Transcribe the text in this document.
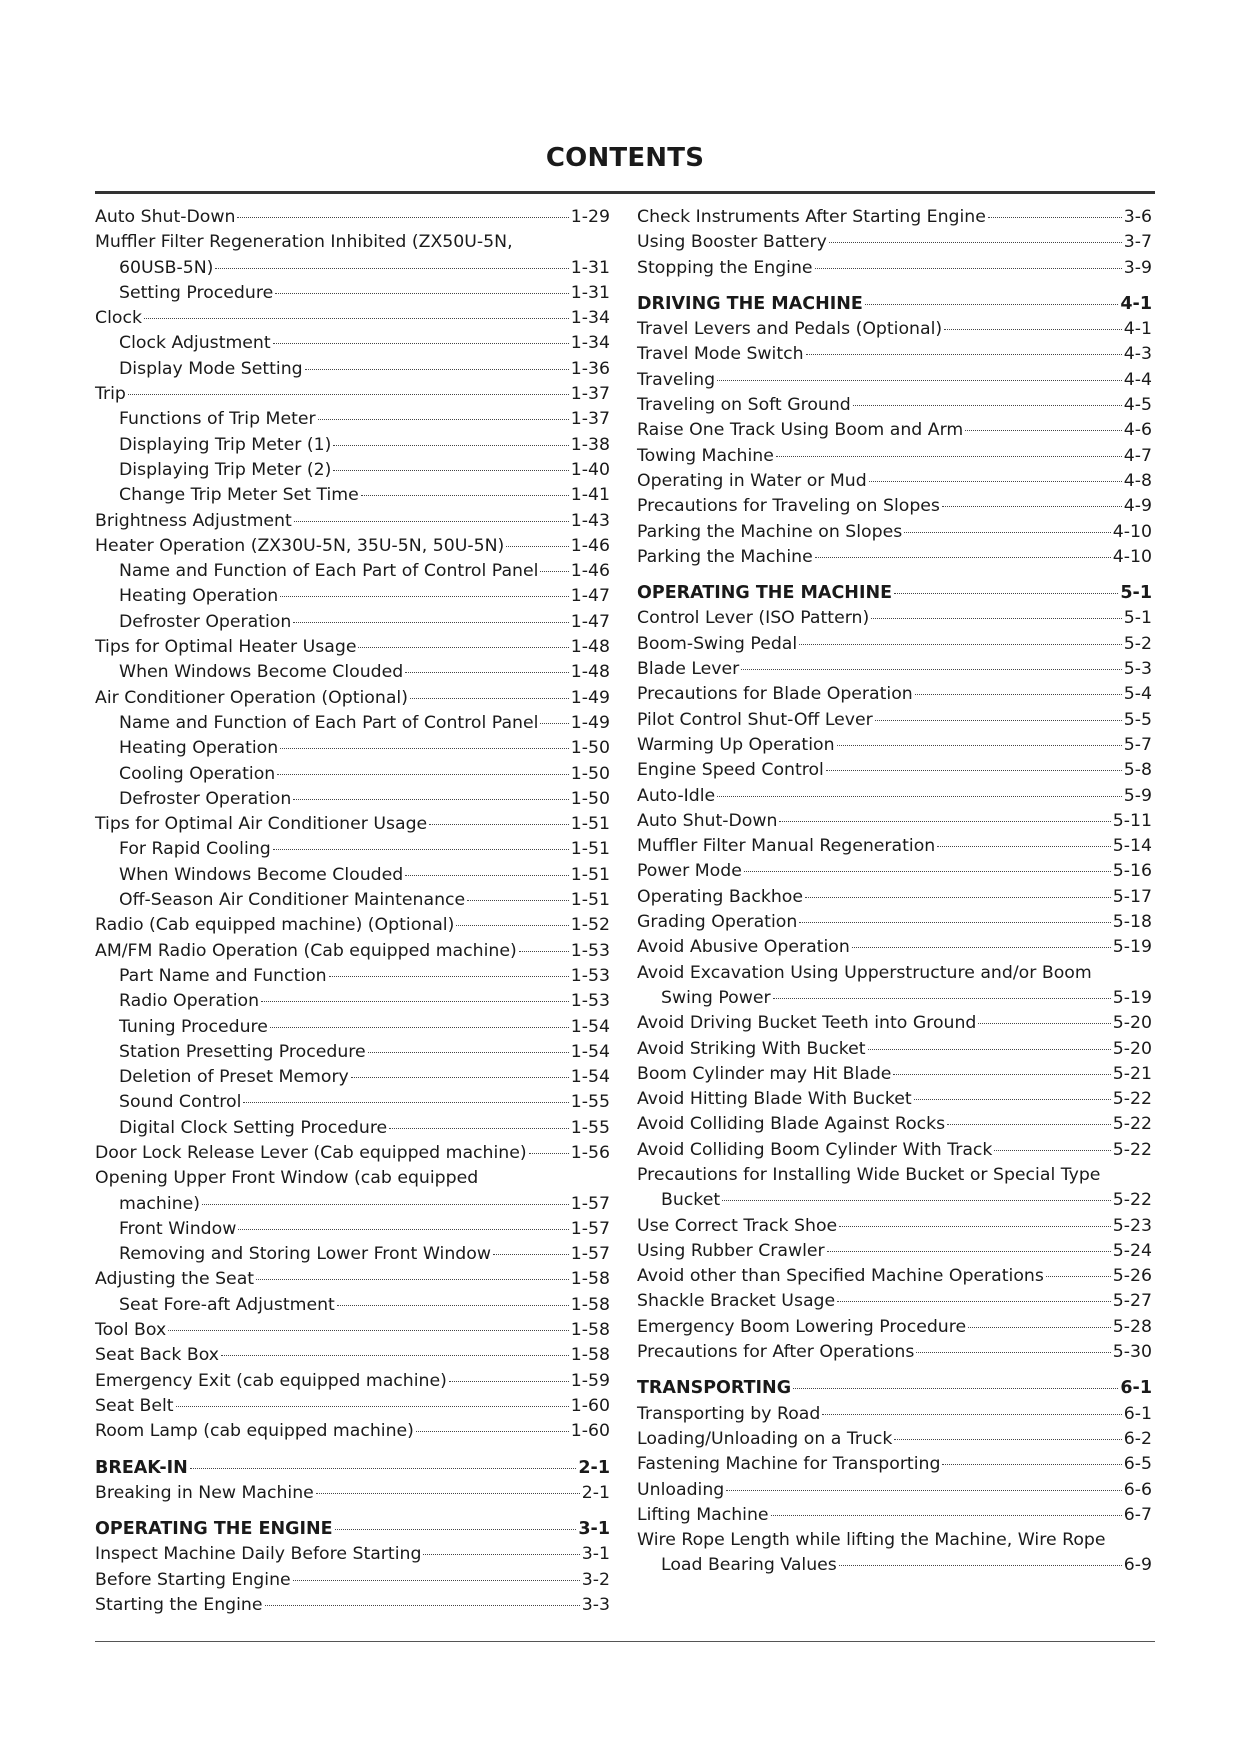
CONTENTS
Auto Shut-Down	1-29
Muffler Filter Regeneration Inhibited (ZX50U-5N,
60USB-5N)	1-31
Setting Procedure	1-31
Clock	1-34
Clock Adjustment	1-34
Display Mode Setting	1-36
Trip	1-37
Functions of Trip Meter	1-37
Displaying Trip Meter (1)	1-38
Displaying Trip Meter (2)	1-40
Change Trip Meter Set Time	1-41
Brightness Adjustment	1-43
Heater Operation (ZX30U-5N, 35U-5N, 50U-5N)	1-46
Name and Function of Each Part of Control Panel 1-46
Heating Operation	1-47
Defroster Operation	1-47
Tips for Optimal Heater Usage	1-48
When Windows Become Clouded	1-48
Air Conditioner Operation (Optional)	1-49
Name and Function of Each Part of Control Panel 1-49
Heating Operation	1-50
Cooling Operation	1-50
Defroster Operation	1-50
Tips for Optimal Air Conditioner Usage	1-51
For Rapid Cooling	1-51
When Windows Become Clouded	1-51
Off-Season Air Conditioner Maintenance	1-51
Radio (Cab equipped machine) (Optional)	1-52
AM/FM Radio Operation (Cab equipped machine)	1-53
Part Name and Function	1-53
Radio Operation	1-53
Tuning Procedure	1-54
Station Presetting Procedure	1-54
Deletion of Preset Memory	1-54
Sound Control	1-55
Digital Clock Setting Procedure	1-55
Door Lock Release Lever (Cab equipped machine)	1-56
Opening Upper Front Window (cab equipped
machine)	1-57
Front Window	1-57
Removing and Storing Lower Front Window	1-57
Adjusting the Seat	1-58
Seat Fore-aft Adjustment	1-58
Tool Box	1-58
Seat Back Box	1-58
Emergency Exit (cab equipped machine)	1-59
Seat Belt	1-60
Room Lamp (cab equipped machine)	1-60
BREAK-IN	2-1
Breaking in New Machine	2-1
OPERATING THE ENGINE	3-1
Inspect Machine Daily Before Starting	3-1
Before Starting Engine	3-2
Starting the Engine	3-3
Check Instruments After Starting Engine	3-6
Using Booster Battery	3-7
Stopping the Engine	3-9
DRIVING THE MACHINE	4-1
Travel Levers and Pedals (Optional)	4-1
Travel Mode Switch	4-3
Traveling	4-4
Traveling on Soft Ground	4-5
Raise One Track Using Boom and Arm	4-6
Towing Machine	4-7
Operating in Water or Mud	4-8
Precautions for Traveling on Slopes	4-9
Parking the Machine on Slopes	4-10
Parking the Machine	4-10
OPERATING THE MACHINE	5-1
Control Lever (ISO Pattern)	5-1
Boom-Swing Pedal	5-2
Blade Lever	5-3
Precautions for Blade Operation	5-4
Pilot Control Shut-Off Lever	5-5
Warming Up Operation	5-7
Engine Speed Control	5-8
Auto-Idle	5-9
Auto Shut-Down	5-11
Muffler Filter Manual Regeneration	5-14
Power Mode	5-16
Operating Backhoe	5-17
Grading Operation	5-18
Avoid Abusive Operation	5-19
Avoid Excavation Using Upperstructure and/or Boom
Swing Power	5-19
Avoid Driving Bucket Teeth into Ground	5-20
Avoid Striking With Bucket	5-20
Boom Cylinder may Hit Blade	5-21
Avoid Hitting Blade With Bucket	5-22
Avoid Colliding Blade Against Rocks	5-22
Avoid Colliding Boom Cylinder With Track	5-22
Precautions for Installing Wide Bucket or Special Type
Bucket	5-22
Use Correct Track Shoe	5-23
Using Rubber Crawler	5-24
Avoid other than Specified Machine Operations	5-26
Shackle Bracket Usage	5-27
Emergency Boom Lowering Procedure	5-28
Precautions for After Operations	5-30
TRANSPORTING	6-1
Transporting by Road	6-1
Loading/Unloading on a Truck	6-2
Fastening Machine for Transporting	6-5
Unloading	6-6
Lifting Machine	6-7
Wire Rope Length while lifting the Machine, Wire Rope
Load Bearing Values	6-9
